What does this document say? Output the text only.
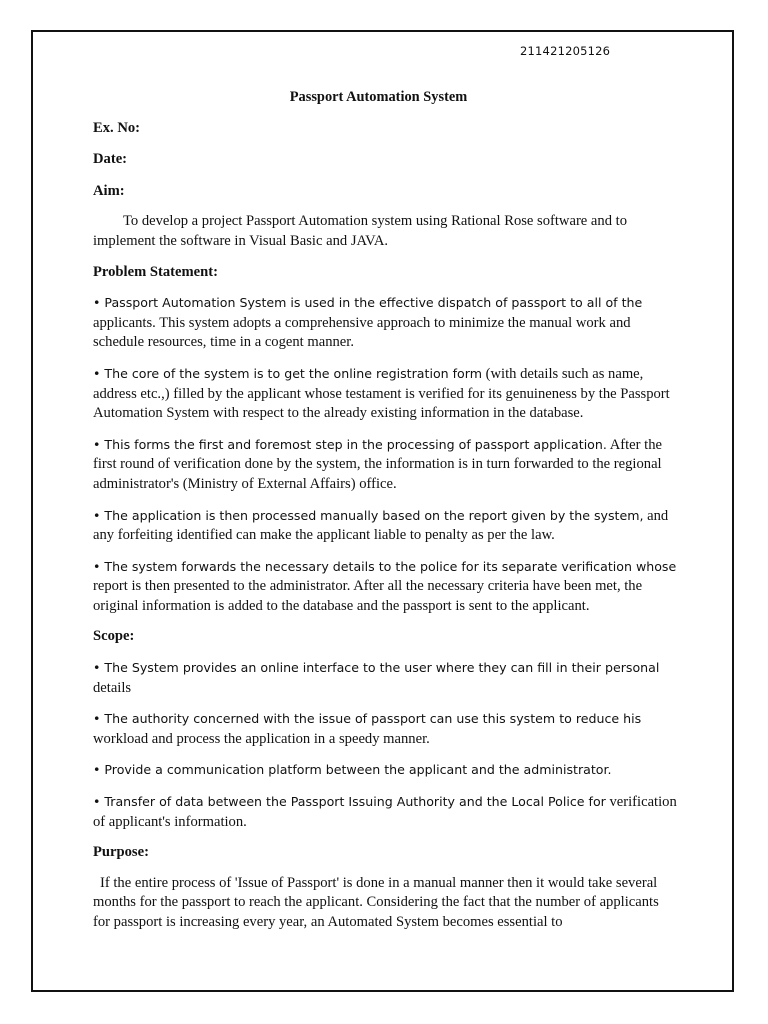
211421205126
Passport Automation System

Ex. No:

Date:

Aim:

To develop a project Passport Automation system using Rational Rose software and to implement the software in Visual Basic and JAVA.

Problem Statement:

• Passport Automation System is used in the effective dispatch of passport to all of the applicants. This system adopts a comprehensive approach to minimize the manual work and schedule resources, time in a cogent manner.

• The core of the system is to get the online registration form (with details such as name, address etc.,) filled by the applicant whose testament is verified for its genuineness by the Passport Automation System with respect to the already existing information in the database.

• This forms the first and foremost step in the processing of passport application. After the first round of verification done by the system, the information is in turn forwarded to the regional administrator's (Ministry of External Affairs) office.

• The application is then processed manually based on the report given by the system, and any forfeiting identified can make the applicant liable to penalty as per the law.

• The system forwards the necessary details to the police for its separate verification whose report is then presented to the administrator. After all the necessary criteria have been met, the original information is added to the database and the passport is sent to the applicant.

Scope:

• The System provides an online interface to the user where they can fill in their personal details

• The authority concerned with the issue of passport can use this system to reduce his workload and process the application in a speedy manner.

• Provide a communication platform between the applicant and the administrator.

• Transfer of data between the Passport Issuing Authority and the Local Police for verification of applicant's information.

Purpose:

If the entire process of 'Issue of Passport' is done in a manual manner then it would take several months for the passport to reach the applicant. Considering the fact that the number of applicants for passport is increasing every year, an Automated System becomes essential to
